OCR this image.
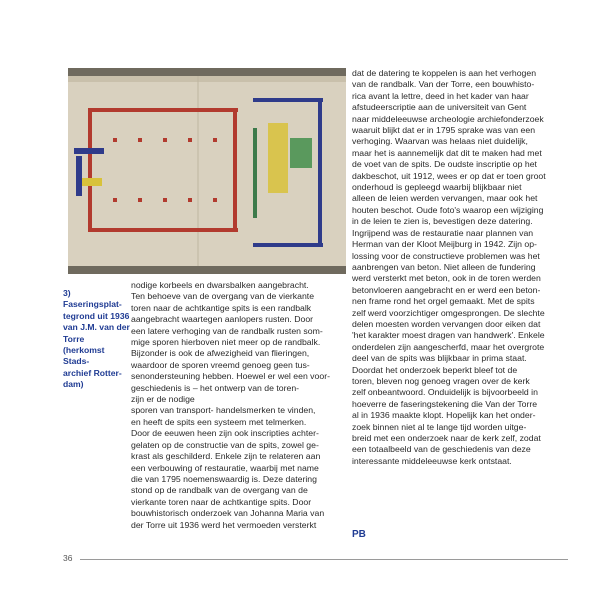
3) Faseringsplat-
tegrond uit 1936
van J.M. van der
Torre
(herkomst Stads-
archief Rotter-
dam)
nodige korbeels en dwarsbalken aangebracht.
Ten behoeve van de overgang van de vierkante
toren naar de achtkantige spits is een randbalk
aangebracht waartegen aanlopers rusten. Door
een latere verhoging van de randbalk rusten som-
mige sporen hierboven niet meer op de randbalk.
Bijzonder is ook de afwezigheid van flieringen,
waardoor de sporen vreemd genoeg geen tus-
senondersteuning hebben. Hoewel er wel een voor-
geschiedenis is – het ontwerp van de toren-
zijn er de nodige
sporen van transport- handelsmerken te vinden,
en heeft de spits een systeem met telmerken.
Door de eeuwen heen zijn ook inscripties achter-
gelaten op de constructie van de spits, zowel ge-
krast als geschilderd. Enkele zijn te relateren aan
een verbouwing of restauratie, waarbij met name
die van 1795 noemenswaardig is. Deze datering
stond op de randbalk van de overgang van de
vierkante toren naar de achtkantige spits. Door
bouwhistorisch onderzoek van Johanna Maria van
der Torre uit 1936 werd het vermoeden versterkt
dat de datering te koppelen is aan het verhogen
van de randbalk. Van der Torre, een bouwhisto-
rica avant la lettre, deed in het kader van haar
afstudeerscriptie aan de universiteit van Gent
naar middeleeuwse archeologie archiefonderzoek
waaruit blijkt dat er in 1795 sprake was van een
verhoging. Waarvan was helaas niet duidelijk,
maar het is aannemelijk dat dit te maken had met
de voet van de spits. De oudste inscriptie op het
dakbeschot, uit 1912, wees er op dat er toen groot
onderhoud is gepleegd waarbij blijkbaar niet
alleen de leien werden vervangen, maar ook het
houten beschot. Oude foto's waarop een wijziging
in de leien te zien is, bevestigen deze datering.
Ingrijpend was de restauratie naar plannen van
Herman van der Kloot Meijburg in 1942. Zijn op-
lossing voor de constructieve problemen was het
aanbrengen van beton. Niet alleen de fundering
werd versterkt met beton, ook in de toren werden
betonvloeren aangebracht en er werd een beton-
nen frame rond het orgel gemaakt. Met de spits
zelf werd voorzichtiger omgesprongen. De slechte
delen moesten worden vervangen door eiken dat
'het karakter moest dragen van handwerk'. Enkele
onderdelen zijn aangescherfd, maar het overgrote
deel van de spits was blijkbaar in prima staat.
Doordat het onderzoek beperkt bleef tot de
toren, bleven nog genoeg vragen over de kerk
zelf onbeantwoord. Onduidelijk is bijvoorbeeld in
hoeverre de faseringstekening die Van der Torre
al in 1936 maakte klopt. Hopelijk kan het onder-
zoek binnen niet al te lange tijd worden uitge-
breid met een onderzoek naar de kerk zelf, zodat
een totaalbeeld van de geschiedenis van deze
interessante middeleeuwse kerk ontstaat.
PB
36
